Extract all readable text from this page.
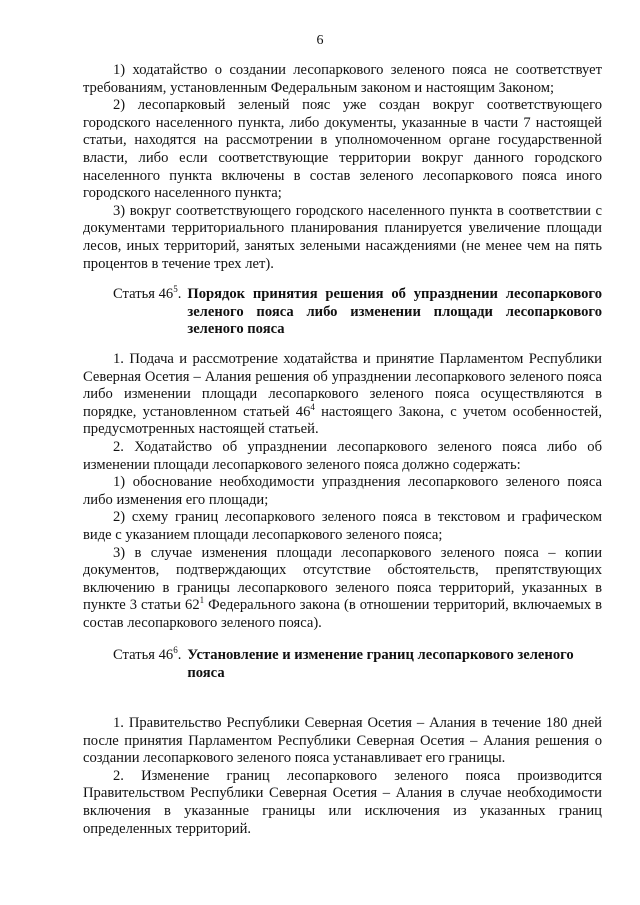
6

1) ходатайство о создании лесопаркового зеленого пояса не соответствует требованиям, установленным Федеральным законом и настоящим Законом;

2) лесопарковый зеленый пояс уже создан вокруг соответствующего городского населенного пункта, либо документы, указанные в части 7 настоящей статьи, находятся на рассмотрении в уполномоченном органе государственной власти, либо если соответствующие территории вокруг данного городского населенного пункта включены в состав зеленого лесопаркового пояса иного городского населенного пункта;

3) вокруг соответствующего городского населенного пункта в соответствии с документами территориального планирования планируется увеличение площади лесов, иных территорий, занятых зелеными насаждениями (не менее чем на пять процентов в течение трех лет).

Статья $46^5$. Порядок принятия решения об упразднении лесопаркового зеленого пояса либо изменении площади лесопаркового зеленого пояса

1. Подача и рассмотрение ходатайства и принятие Парламентом Республики Северная Осетия – Алания решения об упразднении лесопаркового зеленого пояса либо изменении площади лесопаркового зеленого пояса осуществляются в порядке, установленном статьей $46^4$ настоящего Закона, с учетом особенностей, предусмотренных настоящей статьей.

2. Ходатайство об упразднении лесопаркового зеленого пояса либо об изменении площади лесопаркового зеленого пояса должно содержать:

1) обоснование необходимости упразднения лесопаркового зеленого пояса либо изменения его площади;

2) схему границ лесопаркового зеленого пояса в текстовом и графическом виде с указанием площади лесопаркового зеленого пояса;

3) в случае изменения площади лесопаркового зеленого пояса – копии документов, подтверждающих отсутствие обстоятельств, препятствующих включению в границы лесопаркового зеленого пояса территорий, указанных в пункте 3 статьи $62^1$ Федерального закона (в отношении территорий, включаемых в состав лесопаркового зеленого пояса).

Статья $46^6$. Установление и изменение границ лесопаркового зеленого пояса

1. Правительство Республики Северная Осетия – Алания в течение 180 дней после принятия Парламентом Республики Северная Осетия – Алания решения о создании лесопаркового зеленого пояса устанавливает его границы.

2. Изменение границ лесопаркового зеленого пояса производится Правительством Республики Северная Осетия – Алания в случае необходимости включения в указанные границы или исключения из указанных границ определенных территорий.
